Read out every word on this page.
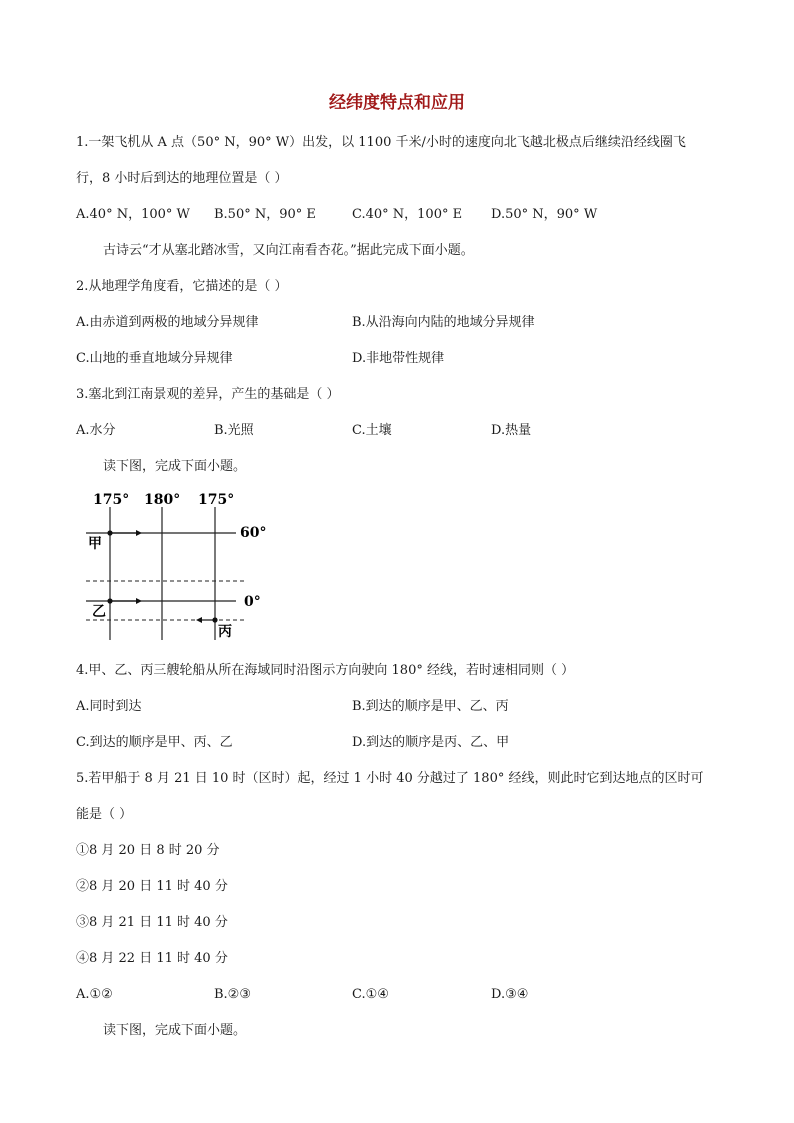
经纬度特点和应用
1.一架飞机从 A 点（50° N，90° W）出发，以 1100 千米/小时的速度向北飞越北极点后继续沿经线圈飞
行，8 小时后到达的地理位置是（ ）
A.40° N，100° W B.50° N，90° E	C.40° N，100° E D.50° N，90° W
古诗云“才从塞北踏冰雪，又向江南看杏花。”据此完成下面小题。
2.从地理学角度看，它描述的是（ ）
A.由赤道到两极的地域分异规律	B.从沿海向内陆的地域分异规律
C.山地的垂直地域分异规律	D.非地带性规律
3.塞北到江南景观的差异，产生的基础是（ ）
A.水分	B.光照	C.土壤	D.热量
读下图，完成下面小题。
175° 180° 175°
60°
0°
甲
乙
丙
4.甲、乙、丙三艘轮船从所在海域同时沿图示方向驶向 180° 经线，若时速相同则（ ）
A.同时到达	B.到达的顺序是甲、乙、丙
C.到达的顺序是甲、丙、乙	D.到达的顺序是丙、乙、甲
5.若甲船于 8 月 21 日 10 时（区时）起，经过 1 小时 40 分越过了 180° 经线，则此时它到达地点的区时可
能是（ ）
①8 月 20 日 8 时 20 分
②8 月 20 日 11 时 40 分
③8 月 21 日 11 时 40 分
④8 月 22 日 11 时 40 分
A.①②	B.②③	C.①④	D.③④
读下图，完成下面小题。
